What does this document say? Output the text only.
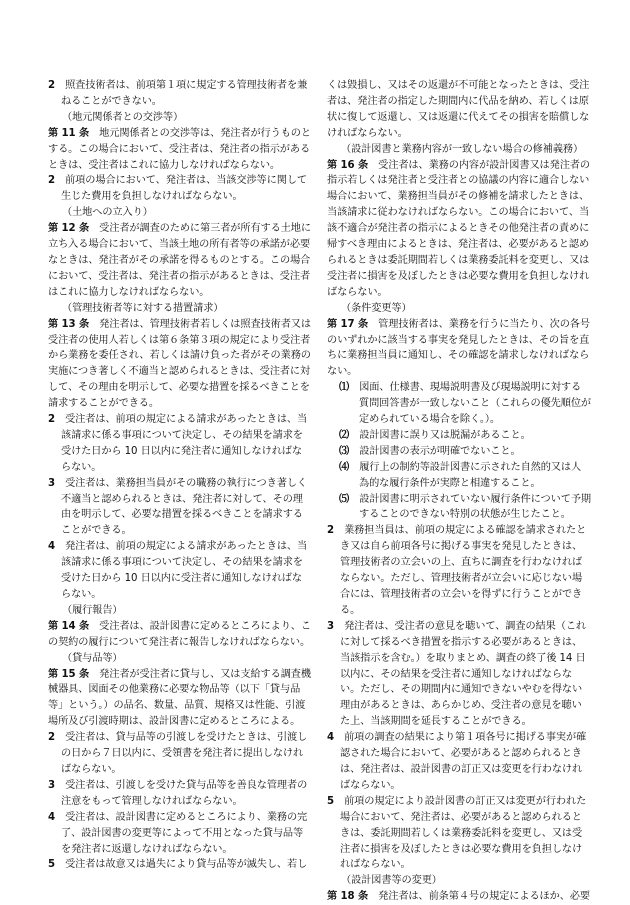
2　 照査技術者は、前項第１項に規定する管理技術者を兼ねることができない。
（地元関係者との交渉等）
第 11 条　 地元関係者との交渉等は、発注者が行うものとする。この場合において、受注者は、発注者の指示があるときは、受注者はこれに協力しなければならない。
2　 前項の場合において、発注者は、当該交渉等に関して生じた費用を負担しなければならない。
（土地への立入り）
第 12 条　 受注者が調査のために第三者が所有する土地に立ち入る場合において、当該土地の所有者等の承諾が必要なときは、発注者がその承諾を得るものとする。この場合において、受注者は、発注者の指示があるときは、受注者はこれに協力しなければならない。
（管理技術者等に対する措置請求）
第 13 条　 発注者は、管理技術者若しくは照査技術者又は受注者の使用人若しくは第６条第３項の規定により受注者から業務を委任され、若しくは請け負った者がその業務の実施につき著しく不適当と認められるときは、受注者に対して、その理由を明示して、必要な措置を採るべきことを請求することができる。
2　 受注者は、前項の規定による請求があったときは、当該請求に係る事項について決定し、その結果を請求を受けた日から 10 日以内に発注者に通知しなければならない。
3　 受注者は、業務担当員がその職務の執行につき著しく不適当と認められるときは、発注者に対して、その理由を明示して、必要な措置を採るべきことを請求することができる。
4　 発注者は、前項の規定による請求があったときは、当該請求に係る事項について決定し、その結果を請求を受けた日から 10 日以内に受注者に通知しなければならない。
（履行報告）
第 14 条　 受注者は、設計図書に定めるところにより、この契約の履行について発注者に報告しなければならない。
（貸与品等）
第 15 条　 発注者が受注者に貸与し、又は支給する調査機械器具、図面その他業務に必要な物品等（以下「貸与品等」という。）の品名、数量、品質、規格又は性能、引渡場所及び引渡時期は、設計図書に定めるところによる。
2　 受注者は、貸与品等の引渡しを受けたときは、引渡しの日から７日以内に、受領書を発注者に提出しなければならない。
3　 受注者は、引渡しを受けた貸与品等を善良な管理者の注意をもって管理しなければならない。
4　 受注者は、設計図書に定めるところにより、業務の完了、設計図書の変更等によって不用となった貸与品等を発注者に返還しなければならない。
5　 受注者は故意又は過失により貸与品等が滅失し、若し
くは毀損し、又はその返還が不可能となったときは、受注者は、発注者の指定した期間内に代品を納め、若しくは原状に復して返還し、又は返還に代えてその損害を賠償しなければならない。
（設計図書と業務内容が一致しない場合の修補義務）
第 16 条　 受注者は、業務の内容が設計図書又は発注者の指示若しくは発注者と受注者との協議の内容に適合しない場合において、業務担当員がその修補を請求したときは、当該請求に従わなければならない。この場合において、当該不適合が発注者の指示によるときその他発注者の責めに帰すべき理由によるときは、発注者は、必要があると認められるときは委託期間若しくは業務委託料を変更し、又は受注者に損害を及ぼしたときは必要な費用を負担しなければならない。
（条件変更等）
第 17 条　 管理技術者は、業務を行うに当たり、次の各号のいずれかに該当する事実を発見したときは、その旨を直ちに業務担当員に通知し、その確認を請求しなければならない。
⑴　 図面、仕様書、現場説明書及び現場説明に対する質問回答書が一致しないこと（これらの優先順位が定められている場合を除く。）。
⑵　 設計図書に誤り又は脱漏があること。
⑶　 設計図書の表示が明確でないこと。
⑷　 履行上の制約等設計図書に示された自然的又は人為的な履行条件が実際と相違すること。
⑸　 設計図書に明示されていない履行条件について予期することのできない特別の状態が生じたこと。
2　 業務担当員は、前項の規定による確認を請求されたとき又は自ら前項各号に掲げる事実を発見したときは、管理技術者の立会いの上、直ちに調査を行わなければならない。ただし、管理技術者が立会いに応じない場合には、管理技術者の立会いを得ずに行うことができる。
3　 発注者は、受注者の意見を聴いて、調査の結果（これに対して採るべき措置を指示する必要があるときは、当該指示を含む。）を取りまとめ、調査の終了後 14 日以内に、その結果を受注者に通知しなければならない。ただし、その期間内に通知できないやむを得ない理由があるときは、あらかじめ、受注者の意見を聴いた上、当該期間を延長することができる。
4　 前項の調査の結果により第１項各号に掲げる事実が確認された場合において、必要があると認められるときは、発注者は、設計図書の訂正又は変更を行わなければならない。
5　 前項の規定により設計図書の訂正又は変更が行われた場合において、発注者は、必要があると認められるときは、委託期間若しくは業務委託料を変更し、又は受注者に損害を及ぼしたときは必要な費用を負担しなければならない。
（設計図書等の変更）
第 18 条　 発注者は、前条第４号の規定によるほか、必要
